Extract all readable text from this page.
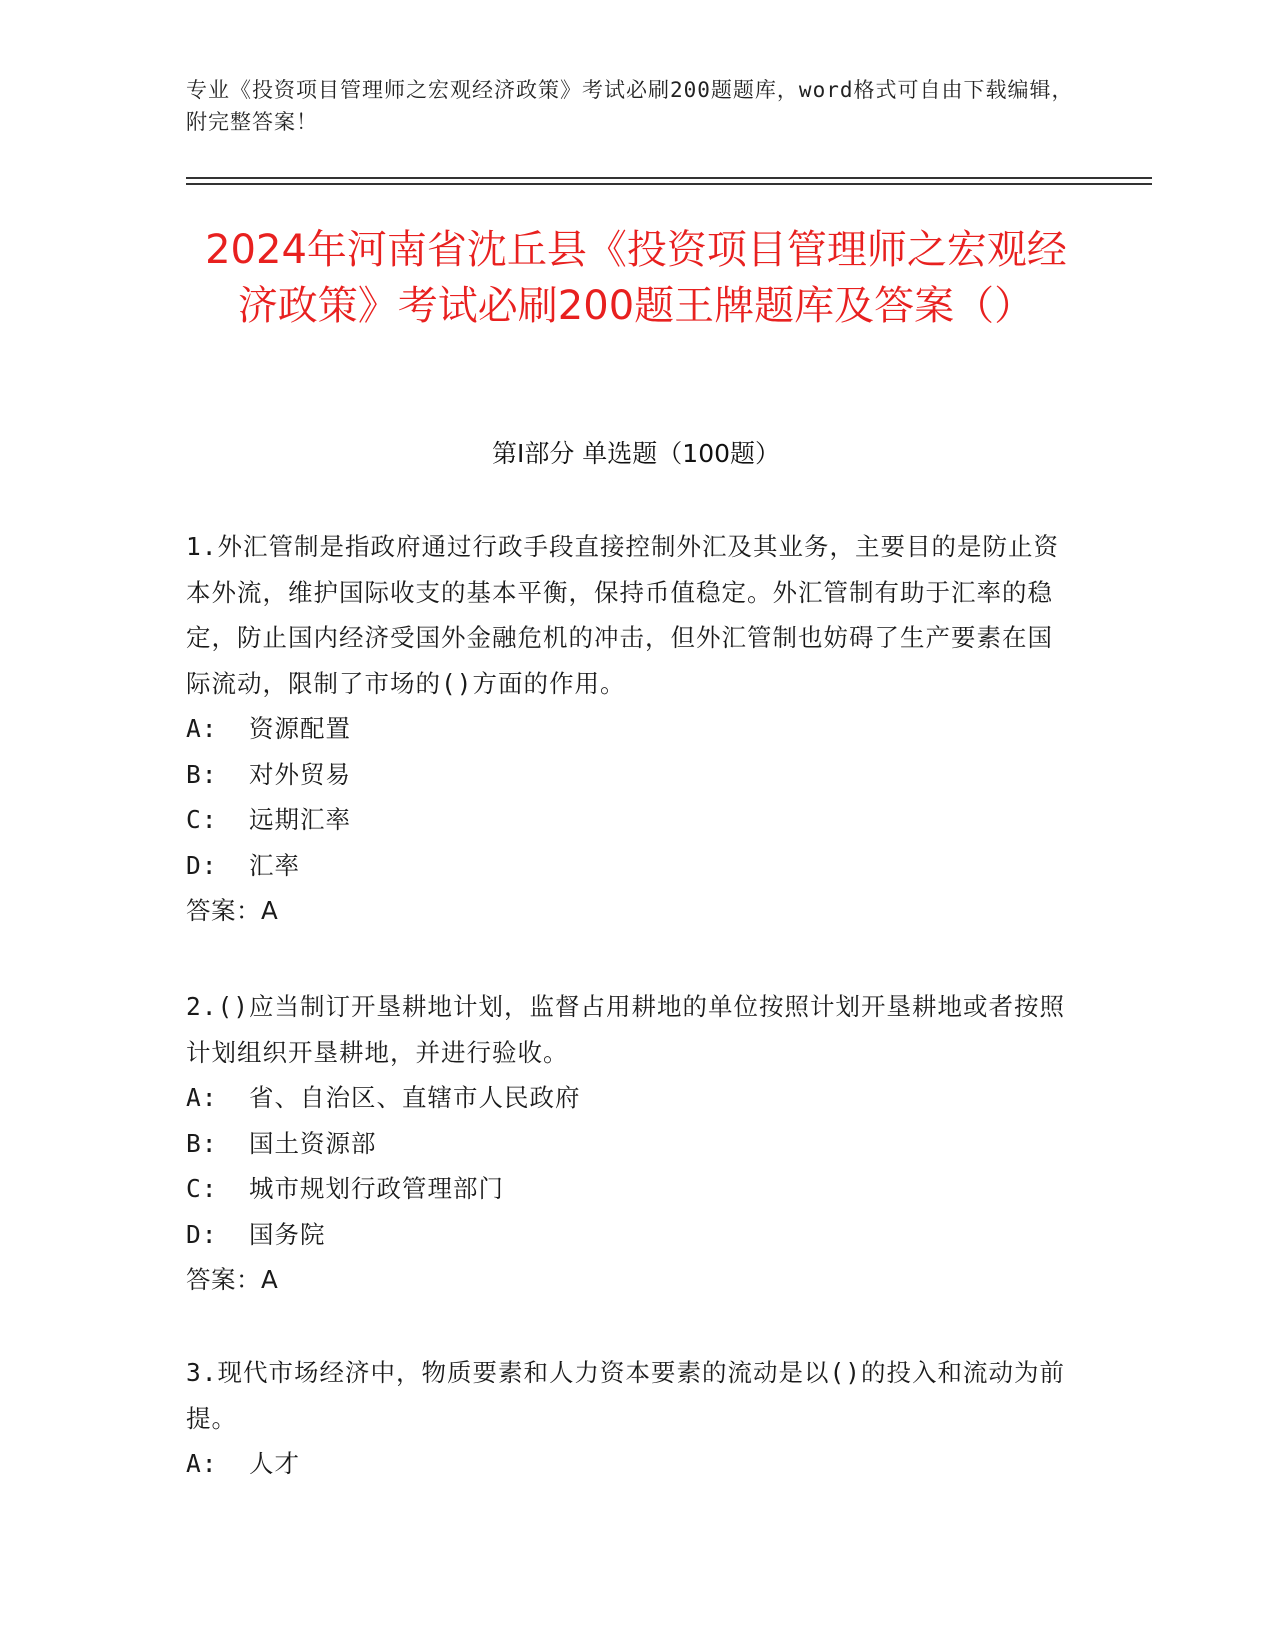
专业《投资项目管理师之宏观经济政策》考试必刷200题题库，word格式可自由下载编辑，附完整答案！
2024年河南省沈丘县《投资项目管理师之宏观经济政策》考试必刷200题王牌题库及答案（）
第I部分 单选题（100题）

1.外汇管制是指政府通过行政手段直接控制外汇及其业务，主要目的是防止资本外流，维护国际收支的基本平衡，保持币值稳定。外汇管制有助于汇率的稳定，防止国内经济受国外金融危机的冲击，但外汇管制也妨碍了生产要素在国际流动，限制了市场的()方面的作用。

A:  资源配置

B:  对外贸易

C:  远期汇率

D:  汇率

答案：A

2.()应当制订开垦耕地计划，监督占用耕地的单位按照计划开垦耕地或者按照计划组织开垦耕地，并进行验收。

A:  省、自治区、直辖市人民政府

B:  国土资源部

C:  城市规划行政管理部门

D:  国务院

答案：A

3.现代市场经济中，物质要素和人力资本要素的流动是以()的投入和流动为前提。

A:  人才
